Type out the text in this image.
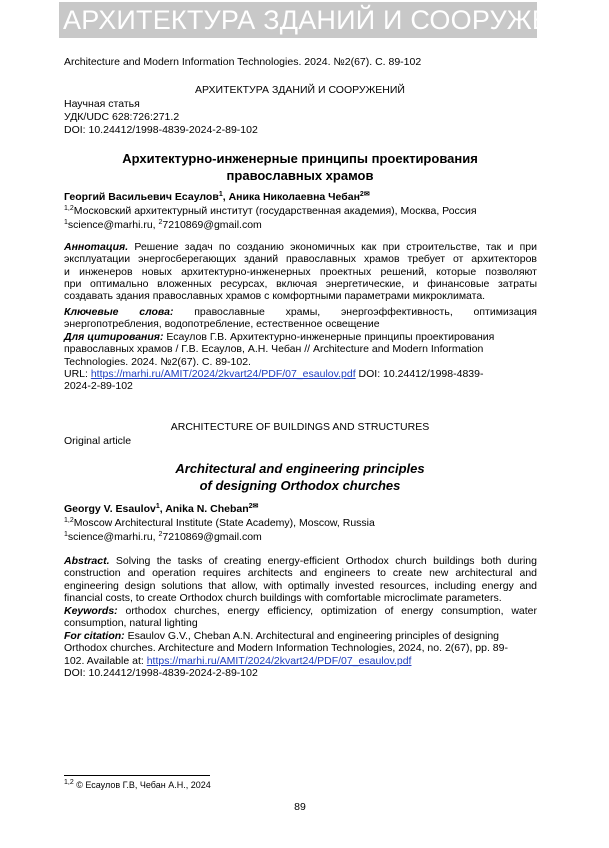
АРХИТЕКТУРА ЗДАНИЙ И СООРУЖЕНИЙ
Architecture and Modern Information Technologies. 2024. №2(67). С. 89-102
АРХИТЕКТУРА ЗДАНИЙ И СООРУЖЕНИЙ
Научная статья
УДК/UDC 628:726:271.2
DOI: 10.24412/1998-4839-2024-2-89-102
Архитектурно-инженерные принципы проектирования
православных храмов
Георгий Васильевич Есаулов$^1$, Аника Николаевна Чебан$^{2✉}$
$^{1,2}$Московский архитектурный институт (государственная академия), Москва, Россия
$^1$science@marhi.ru, $^2$7210869@gmail.com
Аннотация. Решение задач по созданию экономичных как при строительстве, так и при
эксплуатации энергосберегающих зданий православных храмов требует от архитекторов
и инженеров новых архитектурно-инженерных проектных решений, которые позволяют
при оптимально вложенных ресурсах, включая энергетические, и финансовые затраты
создавать здания православных храмов с комфортными параметрами микроклимата.
Ключевые слова: православные храмы, энергоэффективность, оптимизация
энергопотребления, водопотребление, естественное освещение
Для цитирования: Есаулов Г.В. Архитектурно-инженерные принципы проектирования
православных храмов / Г.В. Есаулов, А.Н. Чебан // Architecture and Modern Information
Technologies. 2024. №2(67). С. 89-102.
URL: https://marhi.ru/AMIT/2024/2kvart24/PDF/07_esaulov.pdf DOI: 10.24412/1998-4839-
2024-2-89-102
ARCHITECTURE OF BUILDINGS AND STRUCTURES
Original article
Architectural and engineering principles
of designing Orthodox churches
Georgy V. Esaulov$^1$, Anika N. Cheban$^{2✉}$
$^{1,2}$Moscow Architectural Institute (State Academy), Moscow, Russia
$^1$science@marhi.ru, $^2$7210869@gmail.com
Abstract. Solving the tasks of creating energy-efficient Orthodox church buildings both during
construction and operation requires architects and engineers to create new architectural and
engineering design solutions that allow, with optimally invested resources, including energy and
financial costs, to create Orthodox church buildings with comfortable microclimate parameters.
Keywords: orthodox churches, energy efficiency, optimization of energy consumption, water
consumption, natural lighting
For citation: Esaulov G.V., Cheban A.N. Architectural and engineering principles of designing
Orthodox churches. Architecture and Modern Information Technologies, 2024, no. 2(67), pp. 89-
102. Available at: https://marhi.ru/AMIT/2024/2kvart24/PDF/07_esaulov.pdf
DOI: 10.24412/1998-4839-2024-2-89-102
$^{1,2}$ © Есаулов Г.В, Чебан А.Н., 2024
89
